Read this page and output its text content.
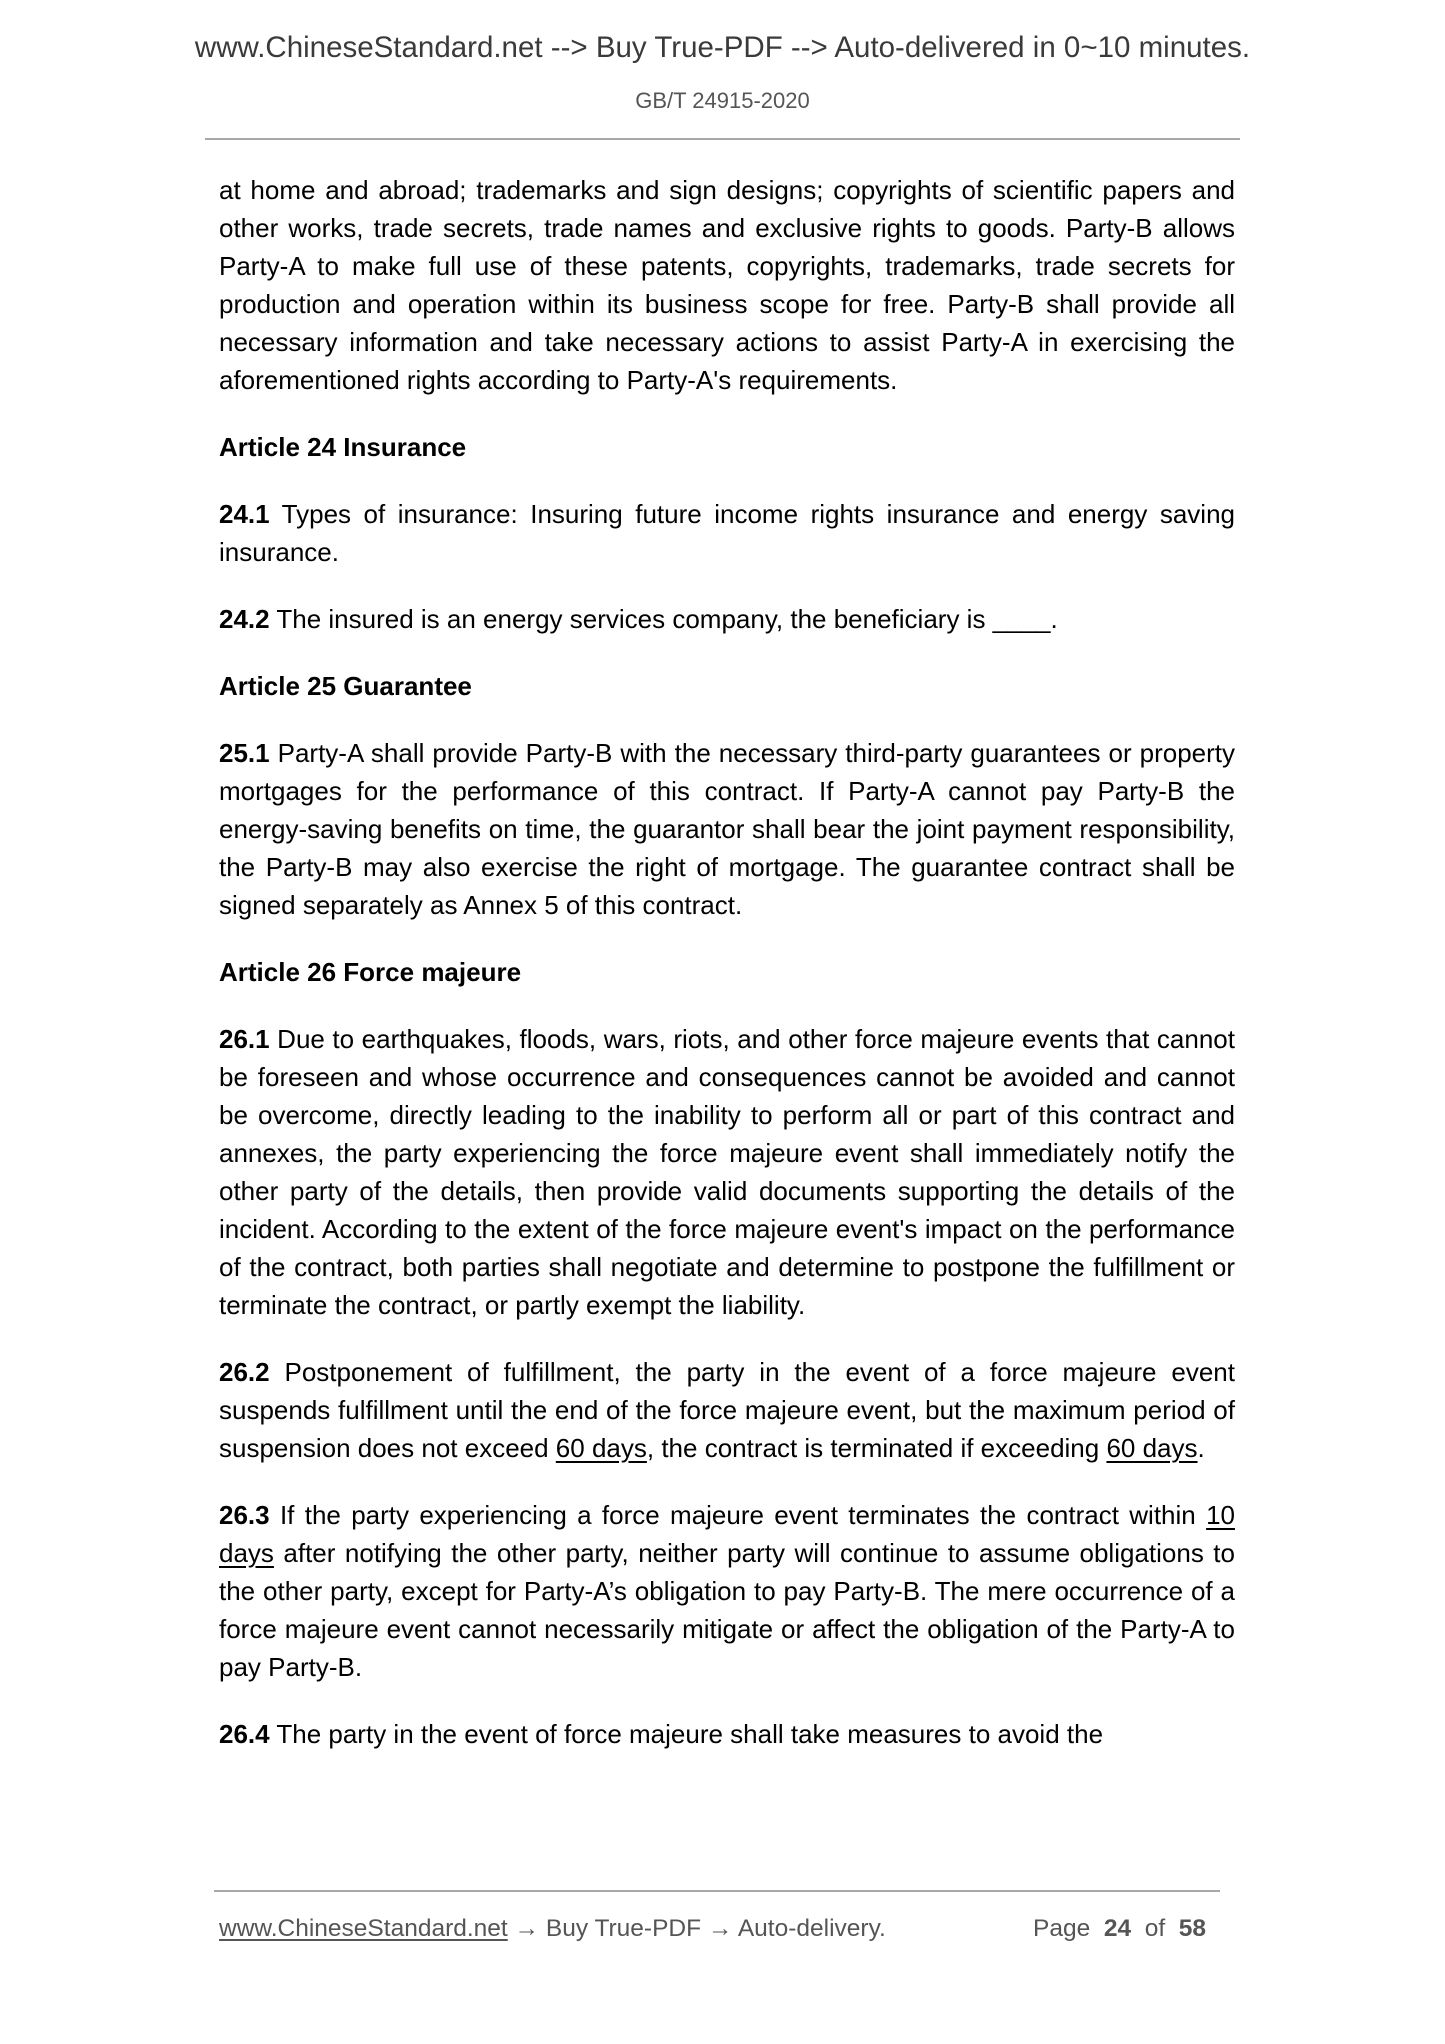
www.ChineseStandard.net --> Buy True-PDF --> Auto-delivered in 0~10 minutes.
GB/T 24915-2020

at home and abroad; trademarks and sign designs; copyrights of scientific papers and other works, trade secrets, trade names and exclusive rights to goods. Party-B allows Party-A to make full use of these patents, copyrights, trademarks, trade secrets for production and operation within its business scope for free. Party-B shall provide all necessary information and take necessary actions to assist Party-A in exercising the aforementioned rights according to Party-A's requirements.

Article 24 Insurance

24.1 Types of insurance: Insuring future income rights insurance and energy saving insurance.

24.2 The insured is an energy services company, the beneficiary is ____.

Article 25 Guarantee

25.1 Party-A shall provide Party-B with the necessary third-party guarantees or property mortgages for the performance of this contract. If Party-A cannot pay Party-B the energy-saving benefits on time, the guarantor shall bear the joint payment responsibility, the Party-B may also exercise the right of mortgage. The guarantee contract shall be signed separately as Annex 5 of this contract.

Article 26 Force majeure

26.1 Due to earthquakes, floods, wars, riots, and other force majeure events that cannot be foreseen and whose occurrence and consequences cannot be avoided and cannot be overcome, directly leading to the inability to perform all or part of this contract and annexes, the party experiencing the force majeure event shall immediately notify the other party of the details, then provide valid documents supporting the details of the incident. According to the extent of the force majeure event's impact on the performance of the contract, both parties shall negotiate and determine to postpone the fulfillment or terminate the contract, or partly exempt the liability.

26.2 Postponement of fulfillment, the party in the event of a force majeure event suspends fulfillment until the end of the force majeure event, but the maximum period of suspension does not exceed 60 days, the contract is terminated if exceeding 60 days.

26.3 If the party experiencing a force majeure event terminates the contract within 10 days after notifying the other party, neither party will continue to assume obligations to the other party, except for Party-A’s obligation to pay Party-B. The mere occurrence of a force majeure event cannot necessarily mitigate or affect the obligation of the Party-A to pay Party-B.

26.4 The party in the event of force majeure shall take measures to avoid the

www.ChineseStandard.net → Buy True-PDF → Auto-delivery.	Page 24 of 58
